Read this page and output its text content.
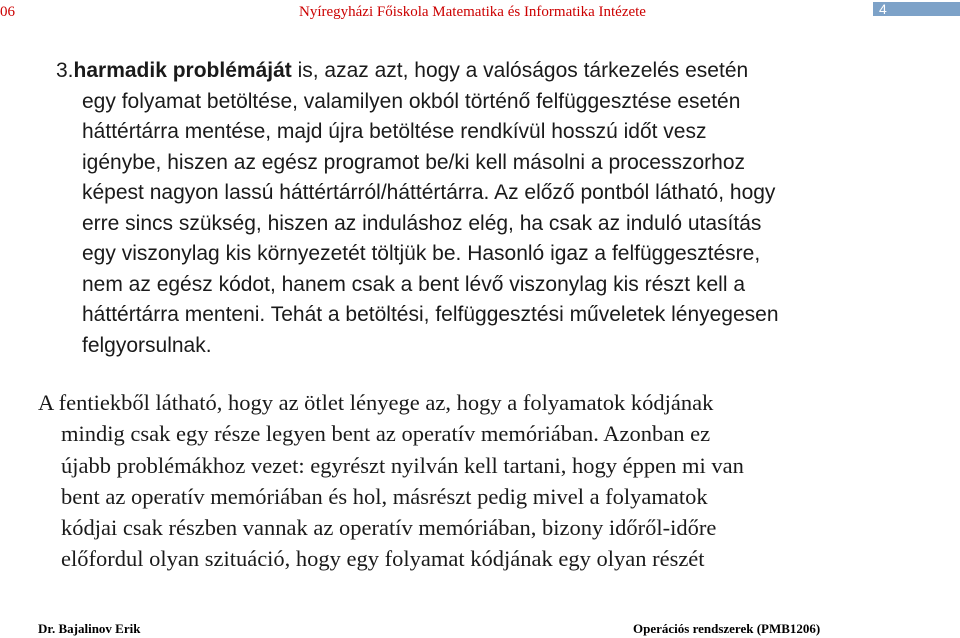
06	Nyíregyházi Főiskola Matematika és Informatika Intézete	4
3.harmadik problémáját is, azaz azt, hogy a valóságos tárkezelés esetén
egy folyamat betöltése, valamilyen okból történő felfüggesztése esetén
háttértárra mentése, majd újra betöltése rendkívül hosszú időt vesz
igénybe, hiszen az egész programot be/ki kell másolni a processzorhoz
képest nagyon lassú háttértárról/háttértárra. Az előző pontból látható, hogy
erre sincs szükség, hiszen az induláshoz elég, ha csak az induló utasítás
egy viszonylag kis környezetét töltjük be. Hasonló igaz a felfüggesztésre,
nem az egész kódot, hanem csak a bent lévő viszonylag kis részt kell a
háttértárra menteni. Tehát a betöltési, felfüggesztési műveletek lényegesen
felgyorsulnak.
A fentiekből látható, hogy az ötlet lényege az, hogy a folyamatok kódjának
mindig csak egy része legyen bent az operatív memóriában. Azonban ez
újabb problémákhoz vezet: egyrészt nyilván kell tartani, hogy éppen mi van
bent az operatív memóriában és hol, másrészt pedig mivel a folyamatok
kódjai csak részben vannak az operatív memóriában, bizony időről-időre
előfordul olyan szituáció, hogy egy folyamat kódjának egy olyan részét
Dr. Bajalinov Erik	Operációs rendszerek (PMB1206)
